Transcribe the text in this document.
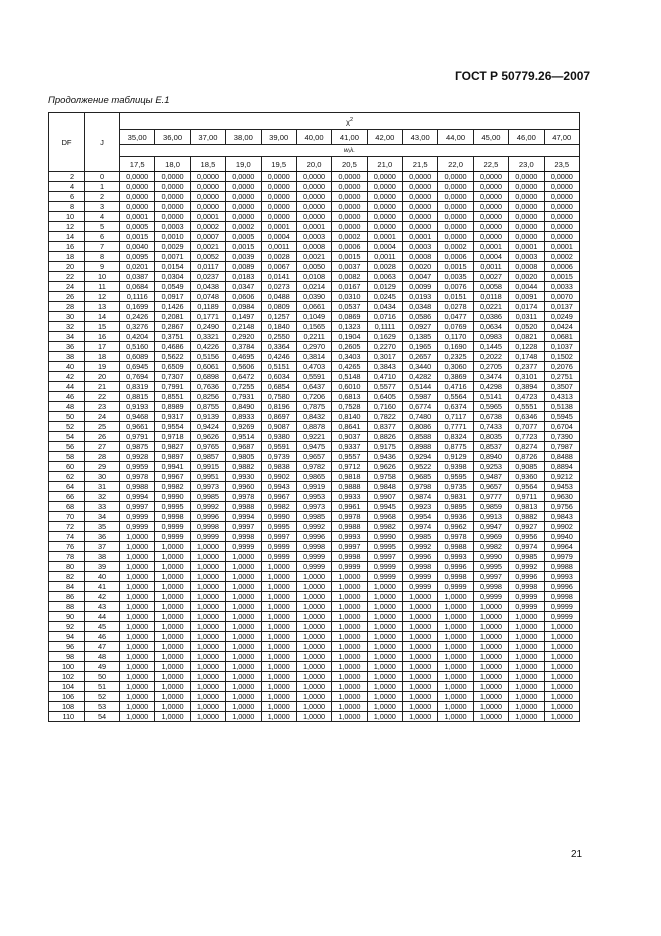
ГОСТ Р 50779.26—2007
Продолжение таблицы Е.1
DF	J	$\chi^2$
		35,00	36,00	37,00	38,00	39,00	40,00	41,00	42,00	43,00	44,00	45,00	46,00	47,00
		wⱼλ.												
		17,5	18,0	18,5	19,0	19,5	20,0	20,5	21,0	21,5	22,0	22,5	23,0	23,5
2	0	0,0000	0,0000	0,0000	0,0000	0,0000	0,0000	0,0000	0,0000	0,0000	0,0000	0,0000	0,0000	0,0000
4	1	0,0000	0,0000	0,0000	0,0000	0,0000	0,0000	0,0000	0,0000	0,0000	0,0000	0,0000	0,0000	0,0000
6	2	0,0000	0,0000	0,0000	0,0000	0,0000	0,0000	0,0000	0,0000	0,0000	0,0000	0,0000	0,0000	0,0000
8	3	0,0000	0,0000	0,0000	0,0000	0,0000	0,0000	0,0000	0,0000	0,0000	0,0000	0,0000	0,0000	0,0000
10	4	0,0001	0,0000	0,0001	0,0000	0,0000	0,0000	0,0000	0,0000	0,0000	0,0000	0,0000	0,0000	0,0000
12	5	0,0005	0,0003	0,0002	0,0002	0,0001	0,0001	0,0000	0,0000	0,0000	0,0000	0,0000	0,0000	0,0000
14	6	0,0015	0,0010	0,0007	0,0005	0,0004	0,0003	0,0002	0,0001	0,0001	0,0000	0,0000	0,0000	0,0000
16	7	0,0040	0,0029	0,0021	0,0015	0,0011	0,0008	0,0006	0,0004	0,0003	0,0002	0,0001	0,0001	0,0001
18	8	0,0095	0,0071	0,0052	0,0039	0,0028	0,0021	0,0015	0,0011	0,0008	0,0006	0,0004	0,0003	0,0002
20	9	0,0201	0,0154	0,0117	0,0089	0,0067	0,0050	0,0037	0,0028	0,0020	0,0015	0,0011	0,0008	0,0006
22	10	0,0387	0,0304	0,0237	0,0183	0,0141	0,0108	0,0082	0,0063	0,0047	0,0035	0,0027	0,0020	0,0015
24	11	0,0684	0,0549	0,0438	0,0347	0,0273	0,0214	0,0167	0,0129	0,0099	0,0076	0,0058	0,0044	0,0033
26	12	0,1116	0,0917	0,0748	0,0606	0,0488	0,0390	0,0310	0,0245	0,0193	0,0151	0,0118	0,0091	0,0070
28	13	0,1699	0,1426	0,1189	0,0984	0,0809	0,0661	0,0537	0,0434	0,0348	0,0278	0,0221	0,0174	0,0137
30	14	0,2426	0,2081	0,1771	0,1497	0,1257	0,1049	0,0869	0,0716	0,0586	0,0477	0,0386	0,0311	0,0249
32	15	0,3276	0,2867	0,2490	0,2148	0,1840	0,1565	0,1323	0,1111	0,0927	0,0769	0,0634	0,0520	0,0424
34	16	0,4204	0,3751	0,3321	0,2920	0,2550	0,2211	0,1904	0,1629	0,1385	0,1170	0,0983	0,0821	0,0681
36	17	0,5160	0,4686	0,4226	0,3784	0,3364	0,2970	0,2605	0,2270	0,1965	0,1690	0,1445	0,1228	0,1037
38	18	0,6089	0,5622	0,5156	0,4695	0,4246	0,3814	0,3403	0,3017	0,2657	0,2325	0,2022	0,1748	0,1502
40	19	0,6945	0,6509	0,6061	0,5606	0,5151	0,4703	0,4265	0,3843	0,3440	0,3060	0,2705	0,2377	0,2076
42	20	0,7694	0,7307	0,6898	0,6472	0,6034	0,5591	0,5148	0,4710	0,4282	0,3869	0,3474	0,3101	0,2751
44	21	0,8319	0,7991	0,7636	0,7255	0,6854	0,6437	0,6010	0,5577	0,5144	0,4716	0,4298	0,3894	0,3507
46	22	0,8815	0,8551	0,8256	0,7931	0,7580	0,7206	0,6813	0,6405	0,5987	0,5564	0,5141	0,4723	0,4313
48	23	0,9193	0,8989	0,8755	0,8490	0,8196	0,7875	0,7528	0,7160	0,6774	0,6374	0,5965	0,5551	0,5138
50	24	0,9468	0,9317	0,9139	0,8933	0,8697	0,8432	0,8140	0,7822	0,7480	0,7117	0,6738	0,6346	0,5945
52	25	0,9661	0,9554	0,9424	0,9269	0,9087	0,8878	0,8641	0,8377	0,8086	0,7771	0,7433	0,7077	0,6704
54	26	0,9791	0,9718	0,9626	0,9514	0,9380	0,9221	0,9037	0,8826	0,8588	0,8324	0,8035	0,7723	0,7390
56	27	0,9875	0,9827	0,9765	0,9687	0,9591	0,9475	0,9337	0,9175	0,8988	0,8775	0,8537	0,8274	0,7987
58	28	0,9928	0,9897	0,9857	0,9805	0,9739	0,9657	0,9557	0,9436	0,9294	0,9129	0,8940	0,8726	0,8488
60	29	0,9959	0,9941	0,9915	0,9882	0,9838	0,9782	0,9712	0,9626	0,9522	0,9398	0,9253	0,9085	0,8894
62	30	0,9978	0,9967	0,9951	0,9930	0,9902	0,9865	0,9818	0,9758	0,9685	0,9595	0,9487	0,9360	0,9212
64	31	0,9988	0,9982	0,9973	0,9960	0,9943	0,9919	0,9888	0,9848	0,9798	0,9735	0,9657	0,9564	0,9453
66	32	0,9994	0,9990	0,9985	0,9978	0,9967	0,9953	0,9933	0,9907	0,9874	0,9831	0,9777	0,9711	0,9630
68	33	0,9997	0,9995	0,9992	0,9988	0,9982	0,9973	0,9961	0,9945	0,9923	0,9895	0,9859	0,9813	0,9756
70	34	0,9999	0,9998	0,9996	0,9994	0,9990	0,9985	0,9978	0,9968	0,9954	0,9936	0,9913	0,9882	0,9843
72	35	0,9999	0,9999	0,9998	0,9997	0,9995	0,9992	0,9988	0,9982	0,9974	0,9962	0,9947	0,9927	0,9902
74	36	1,0000	0,9999	0,9999	0,9998	0,9997	0,9996	0,9993	0,9990	0,9985	0,9978	0,9969	0,9956	0,9940
76	37	1,0000	1,0000	1,0000	0,9999	0,9999	0,9998	0,9997	0,9995	0,9992	0,9988	0,9982	0,9974	0,9964
78	38	1,0000	1,0000	1,0000	1,0000	0,9999	0,9999	0,9998	0,9997	0,9996	0,9993	0,9990	0,9985	0,9979
80	39	1,0000	1,0000	1,0000	1,0000	1,0000	0,9999	0,9999	0,9999	0,9998	0,9996	0,9995	0,9992	0,9988
82	40	1,0000	1,0000	1,0000	1,0000	1,0000	1,0000	1,0000	0,9999	0,9999	0,9998	0,9997	0,9996	0,9993
84	41	1,0000	1,0000	1,0000	1,0000	1,0000	1,0000	1,0000	1,0000	0,9999	0,9999	0,9998	0,9998	0,9996
86	42	1,0000	1,0000	1,0000	1,0000	1,0000	1,0000	1,0000	1,0000	1,0000	1,0000	0,9999	0,9999	0,9998
88	43	1,0000	1,0000	1,0000	1,0000	1,0000	1,0000	1,0000	1,0000	1,0000	1,0000	1,0000	0,9999	0,9999
90	44	1,0000	1,0000	1,0000	1,0000	1,0000	1,0000	1,0000	1,0000	1,0000	1,0000	1,0000	1,0000	0,9999
92	45	1,0000	1,0000	1,0000	1,0000	1,0000	1,0000	1,0000	1,0000	1,0000	1,0000	1,0000	1,0000	1,0000
94	46	1,0000	1,0000	1,0000	1,0000	1,0000	1,0000	1,0000	1,0000	1,0000	1,0000	1,0000	1,0000	1,0000
96	47	1,0000	1,0000	1,0000	1,0000	1,0000	1,0000	1,0000	1,0000	1,0000	1,0000	1,0000	1,0000	1,0000
98	48	1,0000	1,0000	1,0000	1,0000	1,0000	1,0000	1,0000	1,0000	1,0000	1,0000	1,0000	1,0000	1,0000
100	49	1,0000	1,0000	1,0000	1,0000	1,0000	1,0000	1,0000	1,0000	1,0000	1,0000	1,0000	1,0000	1,0000
102	50	1,0000	1,0000	1,0000	1,0000	1,0000	1,0000	1,0000	1,0000	1,0000	1,0000	1,0000	1,0000	1,0000
104	51	1,0000	1,0000	1,0000	1,0000	1,0000	1,0000	1,0000	1,0000	1,0000	1,0000	1,0000	1,0000	1,0000
106	52	1,0000	1,0000	1,0000	1,0000	1,0000	1,0000	1,0000	1,0000	1,0000	1,0000	1,0000	1,0000	1,0000
108	53	1,0000	1,0000	1,0000	1,0000	1,0000	1,0000	1,0000	1,0000	1,0000	1,0000	1,0000	1,0000	1,0000
110	54	1,0000	1,0000	1,0000	1,0000	1,0000	1,0000	1,0000	1,0000	1,0000	1,0000	1,0000	1,0000	1,0000
21
